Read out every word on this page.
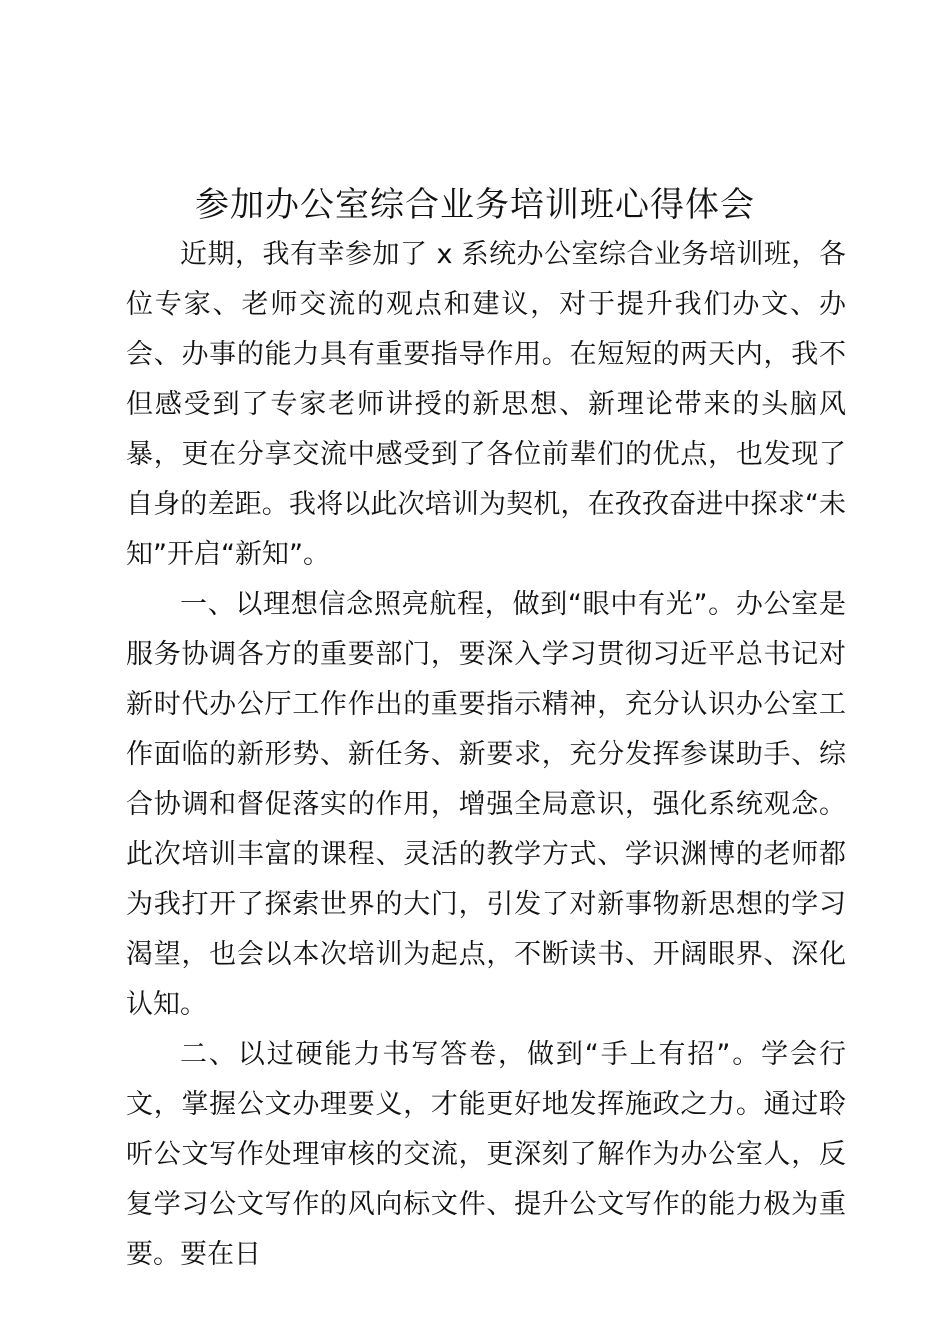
参加办公室综合业务培训班心得体会

近期，我有幸参加了 x 系统办公室综合业务培训班，各位专家、老师交流的观点和建议，对于提升我们办文、办会、办事的能力具有重要指导作用。在短短的两天内，我不但感受到了专家老师讲授的新思想、新理论带来的头脑风暴，更在分享交流中感受到了各位前辈们的优点，也发现了自身的差距。我将以此次培训为契机，在孜孜奋进中探求“未知”开启“新知”。

一、以理想信念照亮航程，做到“眼中有光”。办公室是服务协调各方的重要部门，要深入学习贯彻习近平总书记对新时代办公厅工作作出的重要指示精神，充分认识办公室工作面临的新形势、新任务、新要求，充分发挥参谋助手、综合协调和督促落实的作用，增强全局意识，强化系统观念。此次培训丰富的课程、灵活的教学方式、学识渊博的老师都为我打开了探索世界的大门，引发了对新事物新思想的学习渴望，也会以本次培训为起点，不断读书、开阔眼界、深化认知。

二、以过硬能力书写答卷，做到“手上有招”。学会行文，掌握公文办理要义，才能更好地发挥施政之力。通过聆听公文写作处理审核的交流，更深刻了解作为办公室人，反复学习公文写作的风向标文件、提升公文写作的能力极为重要。要在日
